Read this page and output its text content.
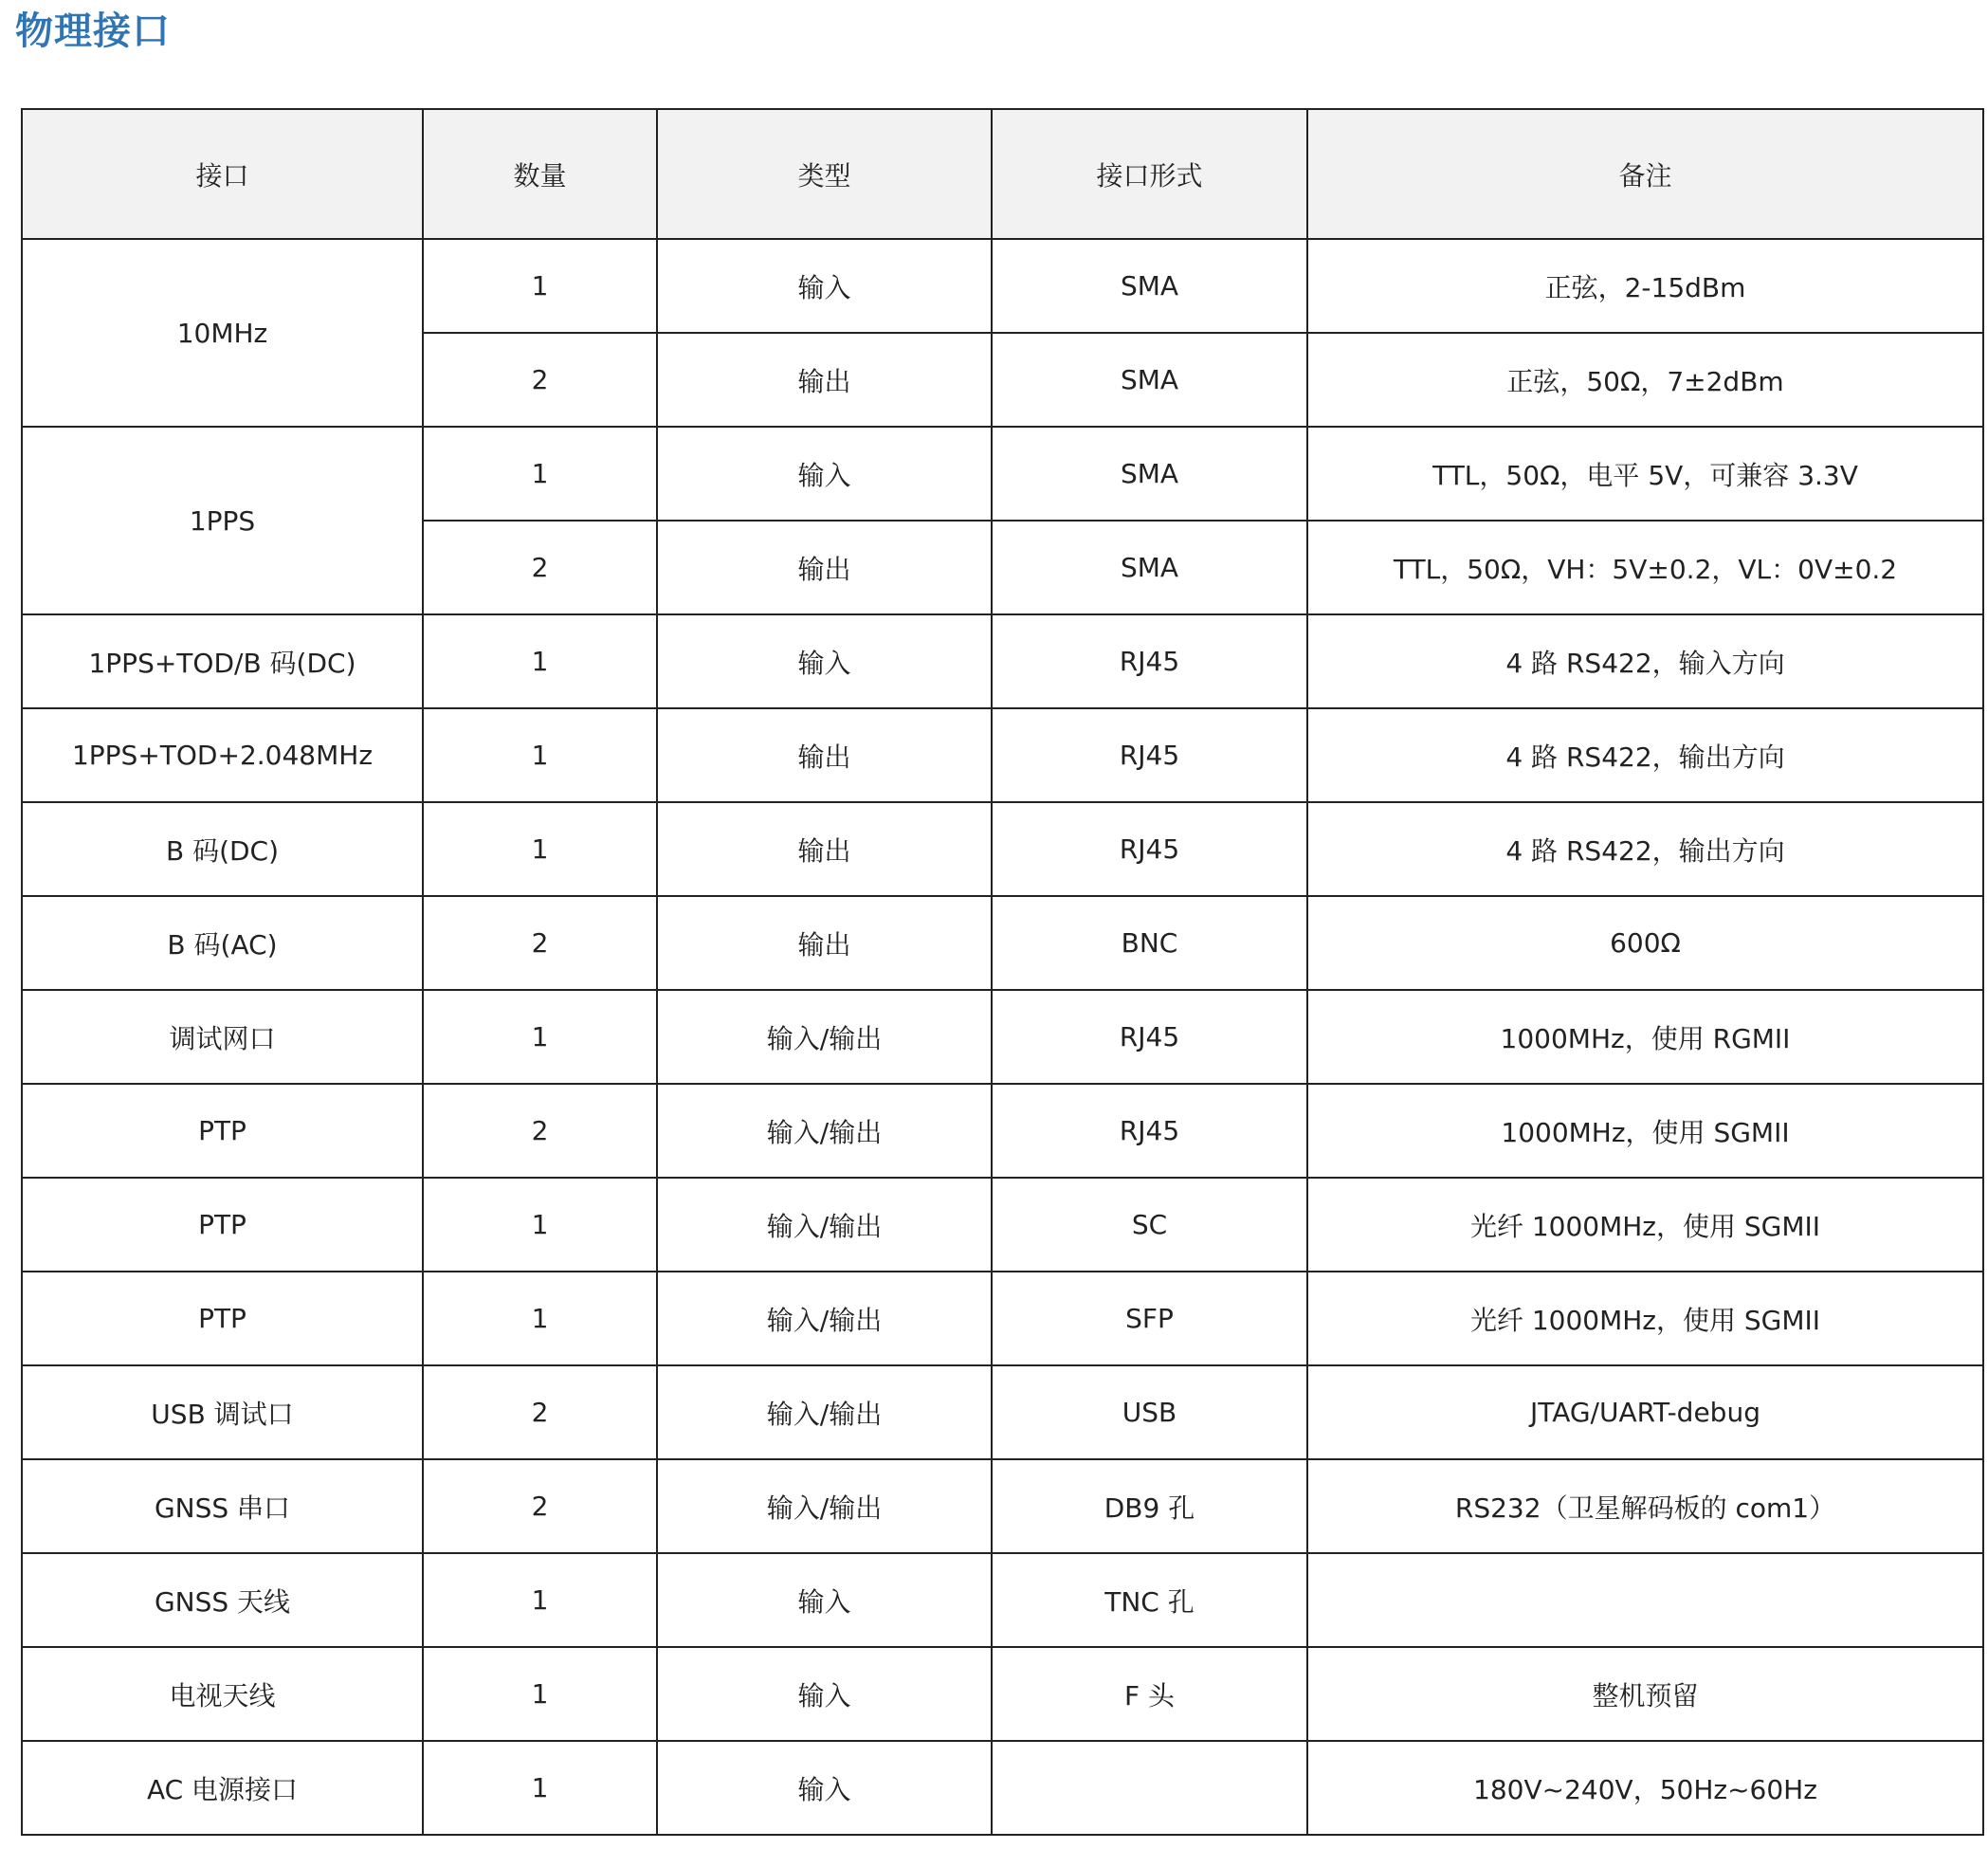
物理接口
接口	数量	类型	接口形式	备注
10MHz	1	输入	SMA	正弦，2-15dBm
	2	输出	SMA	正弦，50Ω，7±2dBm
1PPS	1	输入	SMA	TTL，50Ω，电平 5V，可兼容 3.3V
	2	输出	SMA	TTL，50Ω，VH：5V±0.2，VL：0V±0.2
1PPS+TOD/B 码(DC)	1	输入	RJ45	4 路 RS422，输入方向
1PPS+TOD+2.048MHz	1	输出	RJ45	4 路 RS422，输出方向
B 码(DC)	1	输出	RJ45	4 路 RS422，输出方向
B 码(AC)	2	输出	BNC	600Ω
调试网口	1	输入/输出	RJ45	1000MHz，使用 RGMII
PTP	2	输入/输出	RJ45	1000MHz，使用 SGMII
PTP	1	输入/输出	SC	光纤 1000MHz，使用 SGMII
PTP	1	输入/输出	SFP	光纤 1000MHz，使用 SGMII
USB 调试口	2	输入/输出	USB	JTAG/UART-debug
GNSS 串口	2	输入/输出	DB9 孔	RS232（卫星解码板的 com1）
GNSS 天线	1	输入	TNC 孔	
电视天线	1	输入	F 头	整机预留
AC 电源接口	1	输入		180V~240V，50Hz~60Hz
